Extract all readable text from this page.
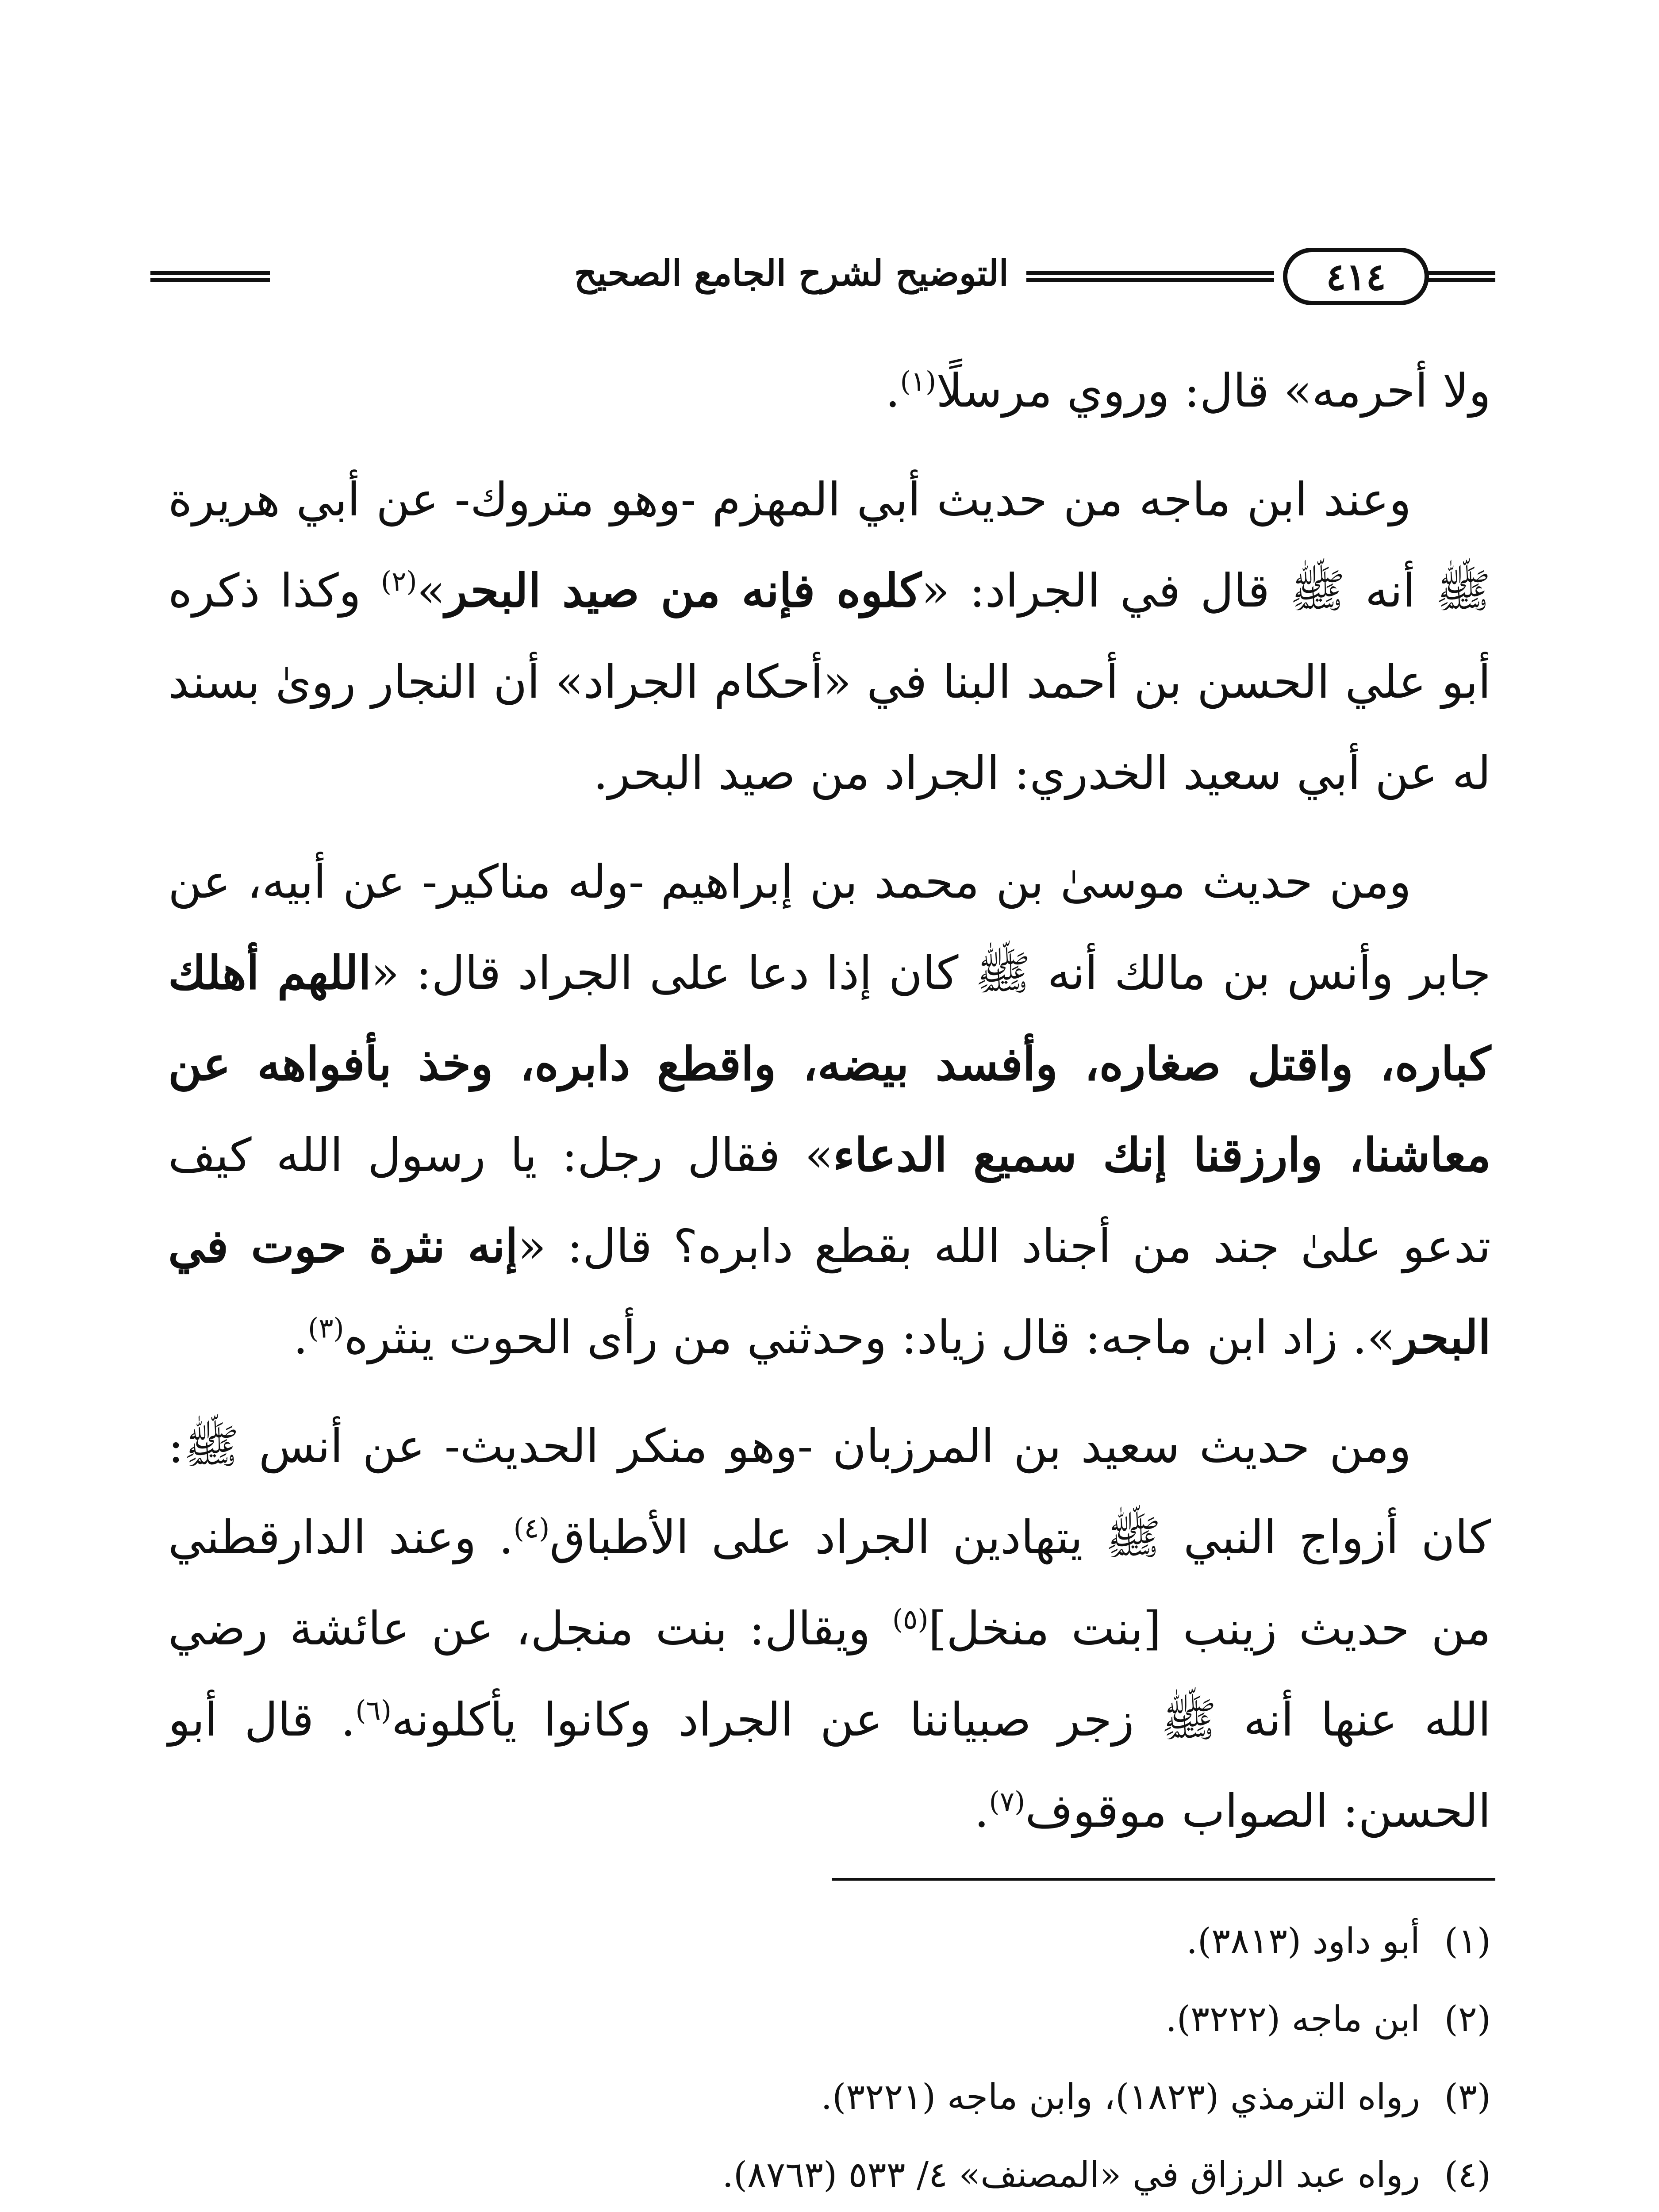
٤١٤
التوضيح لشرح الجامع الصحيح

ولا أحرمه» قال: وروي مرسلًا$^{(١)}$.

وعند ابن ماجه من حديث أبي المهزم -وهو متروك- عن أبي هريرة ﷺ أنه ﷺ قال في الجراد: «كلوه فإنه من صيد البحر»$^{(٢)}$ وكذا ذكره أبو علي الحسن بن أحمد البنا في «أحكام الجراد» أن النجار روىٰ بسند له عن أبي سعيد الخدري: الجراد من صيد البحر.

ومن حديث موسىٰ بن محمد بن إبراهيم -وله مناكير- عن أبيه، عن جابر وأنس بن مالك أنه ﷺ كان إذا دعا على الجراد قال: «اللهم أهلك كباره، واقتل صغاره، وأفسد بيضه، واقطع دابره، وخذ بأفواهه عن معاشنا، وارزقنا إنك سميع الدعاء» فقال رجل: يا رسول الله كيف تدعو علىٰ جند من أجناد الله بقطع دابره؟ قال: «إنه نثرة حوت في البحر». زاد ابن ماجه: قال زياد: وحدثني من رأى الحوت ينثره$^{(٣)}$.

ومن حديث سعيد بن المرزبان -وهو منكر الحديث- عن أنس ﷺ: كان أزواج النبي ﷺ يتهادين الجراد على الأطباق$^{(٤)}$. وعند الدارقطني من حديث زينب [بنت منخل]$^{(٥)}$ ويقال: بنت منجل، عن عائشة رضي الله عنها أنه ﷺ زجر صبياننا عن الجراد وكانوا يأكلونه$^{(٦)}$. قال أبو الحسن: الصواب موقوف$^{(٧)}$.

(١)
أبو داود (٣٨١٣).
(٢)
ابن ماجه (٣٢٢٢).
(٣)
رواه الترمذي (١٨٢٣)، وابن ماجه (٣٢٢١).
(٤)
رواه عبد الرزاق في «المصنف» ٤/ ٥٣٣ (٨٧٦٣).
